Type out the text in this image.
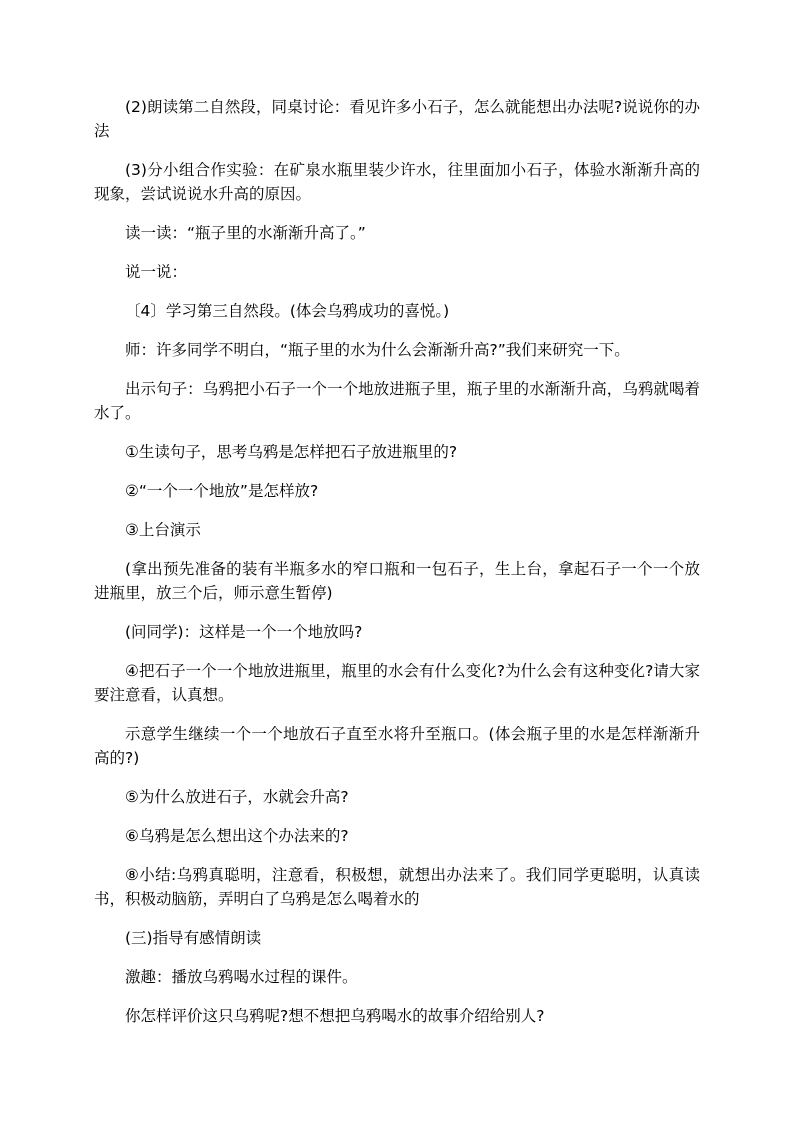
(2)朗读第二自然段，同桌讨论：看见许多小石子，怎么就能想出办法呢?说说你的办法

(3)分小组合作实验：在矿泉水瓶里装少许水，往里面加小石子，体验水渐渐升高的现象，尝试说说水升高的原因。

读一读：“瓶子里的水渐渐升高了。”

说一说：

〔4〕学习第三自然段。(体会乌鸦成功的喜悦。)

师：许多同学不明白，“瓶子里的水为什么会渐渐升高?”我们来研究一下。

出示句子：乌鸦把小石子一个一个地放进瓶子里，瓶子里的水渐渐升高，乌鸦就喝着水了。

①生读句子，思考乌鸦是怎样把石子放进瓶里的?

②“一个一个地放”是怎样放?

③上台演示

(拿出预先准备的装有半瓶多水的窄口瓶和一包石子，生上台，拿起石子一个一个放进瓶里，放三个后，师示意生暂停)

(问同学)：这样是一个一个地放吗?

④把石子一个一个地放进瓶里，瓶里的水会有什么变化?为什么会有这种变化?请大家要注意看，认真想。

示意学生继续一个一个地放石子直至水将升至瓶口。(体会瓶子里的水是怎样渐渐升高的?)

⑤为什么放进石子，水就会升高?

⑥乌鸦是怎么想出这个办法来的?

⑧小结:乌鸦真聪明，注意看，积极想，就想出办法来了。我们同学更聪明，认真读书，积极动脑筋，弄明白了乌鸦是怎么喝着水的

(三)指导有感情朗读

激趣：播放乌鸦喝水过程的课件。

你怎样评价这只乌鸦呢?想不想把乌鸦喝水的故事介绍给别人?
